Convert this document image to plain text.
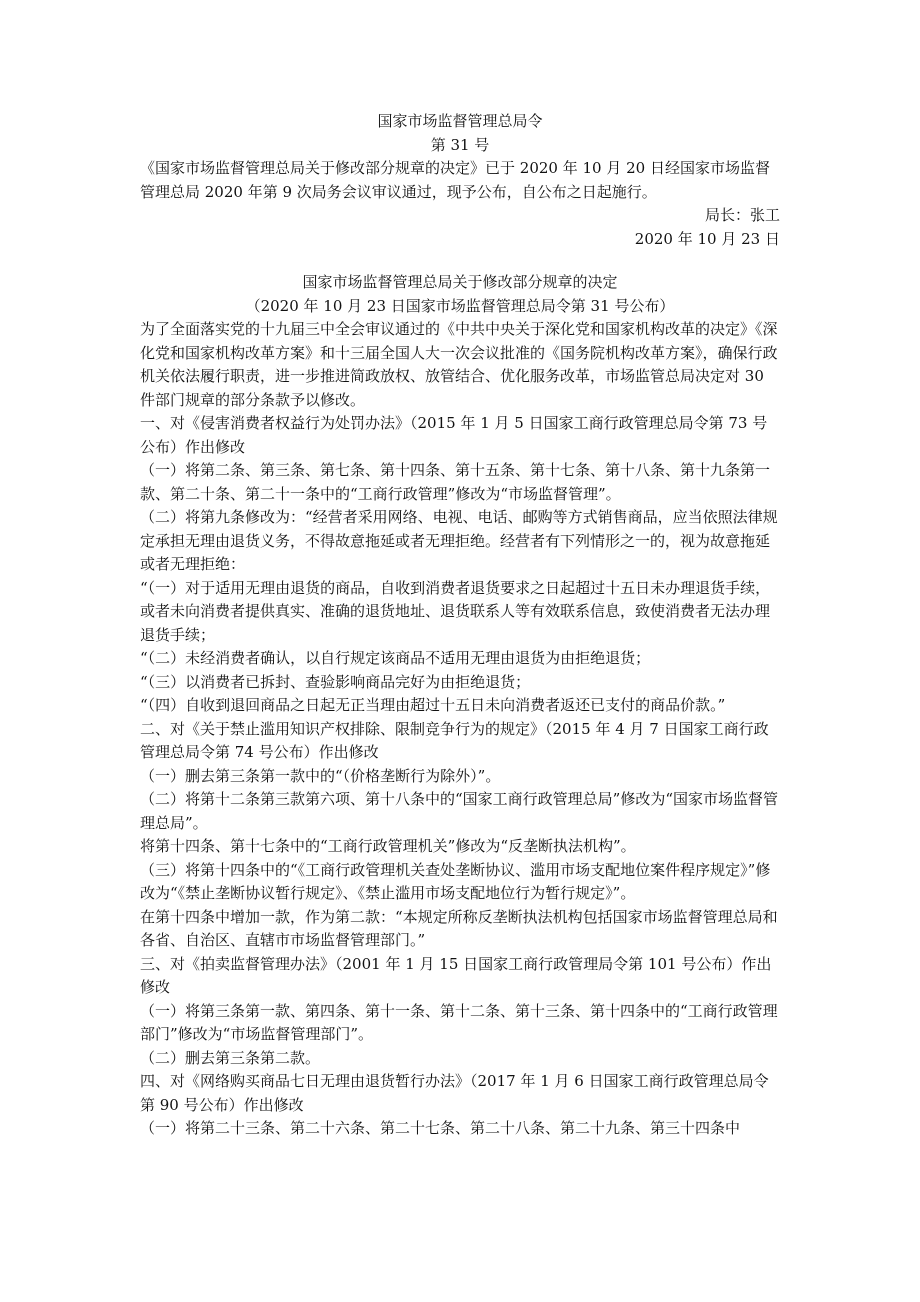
国家市场监督管理总局令

第 31 号

《国家市场监督管理总局关于修改部分规章的决定》已于 2020 年 10 月 20 日经国家市场监督管理总局 2020 年第 9 次局务会议审议通过，现予公布，自公布之日起施行。

局长：张工

2020 年 10 月 23 日

国家市场监督管理总局关于修改部分规章的决定

（2020 年 10 月 23 日国家市场监督管理总局令第 31 号公布）

为了全面落实党的十九届三中全会审议通过的《中共中央关于深化党和国家机构改革的决定》《深化党和国家机构改革方案》和十三届全国人大一次会议批准的《国务院机构改革方案》，确保行政机关依法履行职责，进一步推进简政放权、放管结合、优化服务改革，市场监管总局决定对 30 件部门规章的部分条款予以修改。

一、对《侵害消费者权益行为处罚办法》（2015 年 1 月 5 日国家工商行政管理总局令第 73 号公布）作出修改

（一）将第二条、第三条、第七条、第十四条、第十五条、第十七条、第十八条、第十九条第一款、第二十条、第二十一条中的“工商行政管理”修改为“市场监督管理”。

（二）将第九条修改为：“经营者采用网络、电视、电话、邮购等方式销售商品，应当依照法律规定承担无理由退货义务，不得故意拖延或者无理拒绝。经营者有下列情形之一的，视为故意拖延或者无理拒绝：

“（一）对于适用无理由退货的商品，自收到消费者退货要求之日起超过十五日未办理退货手续，或者未向消费者提供真实、准确的退货地址、退货联系人等有效联系信息，致使消费者无法办理退货手续；

“（二）未经消费者确认，以自行规定该商品不适用无理由退货为由拒绝退货；

“（三）以消费者已拆封、查验影响商品完好为由拒绝退货；

“（四）自收到退回商品之日起无正当理由超过十五日未向消费者返还已支付的商品价款。”

二、对《关于禁止滥用知识产权排除、限制竞争行为的规定》（2015 年 4 月 7 日国家工商行政管理总局令第 74 号公布）作出修改

（一）删去第三条第一款中的“（价格垄断行为除外）”。

（二）将第十二条第三款第六项、第十八条中的“国家工商行政管理总局”修改为“国家市场监督管理总局”。

将第十四条、第十七条中的“工商行政管理机关”修改为“反垄断执法机构”。

（三）将第十四条中的“《工商行政管理机关查处垄断协议、滥用市场支配地位案件程序规定》”修改为“《禁止垄断协议暂行规定》、《禁止滥用市场支配地位行为暂行规定》”。

在第十四条中增加一款，作为第二款：“本规定所称反垄断执法机构包括国家市场监督管理总局和各省、自治区、直辖市市场监督管理部门。”

三、对《拍卖监督管理办法》（2001 年 1 月 15 日国家工商行政管理局令第 101 号公布）作出修改

（一）将第三条第一款、第四条、第十一条、第十二条、第十三条、第十四条中的“工商行政管理部门”修改为“市场监督管理部门”。

（二）删去第三条第二款。

四、对《网络购买商品七日无理由退货暂行办法》（2017 年 1 月 6 日国家工商行政管理总局令第 90 号公布）作出修改

（一）将第二十三条、第二十六条、第二十七条、第二十八条、第二十九条、第三十四条中
